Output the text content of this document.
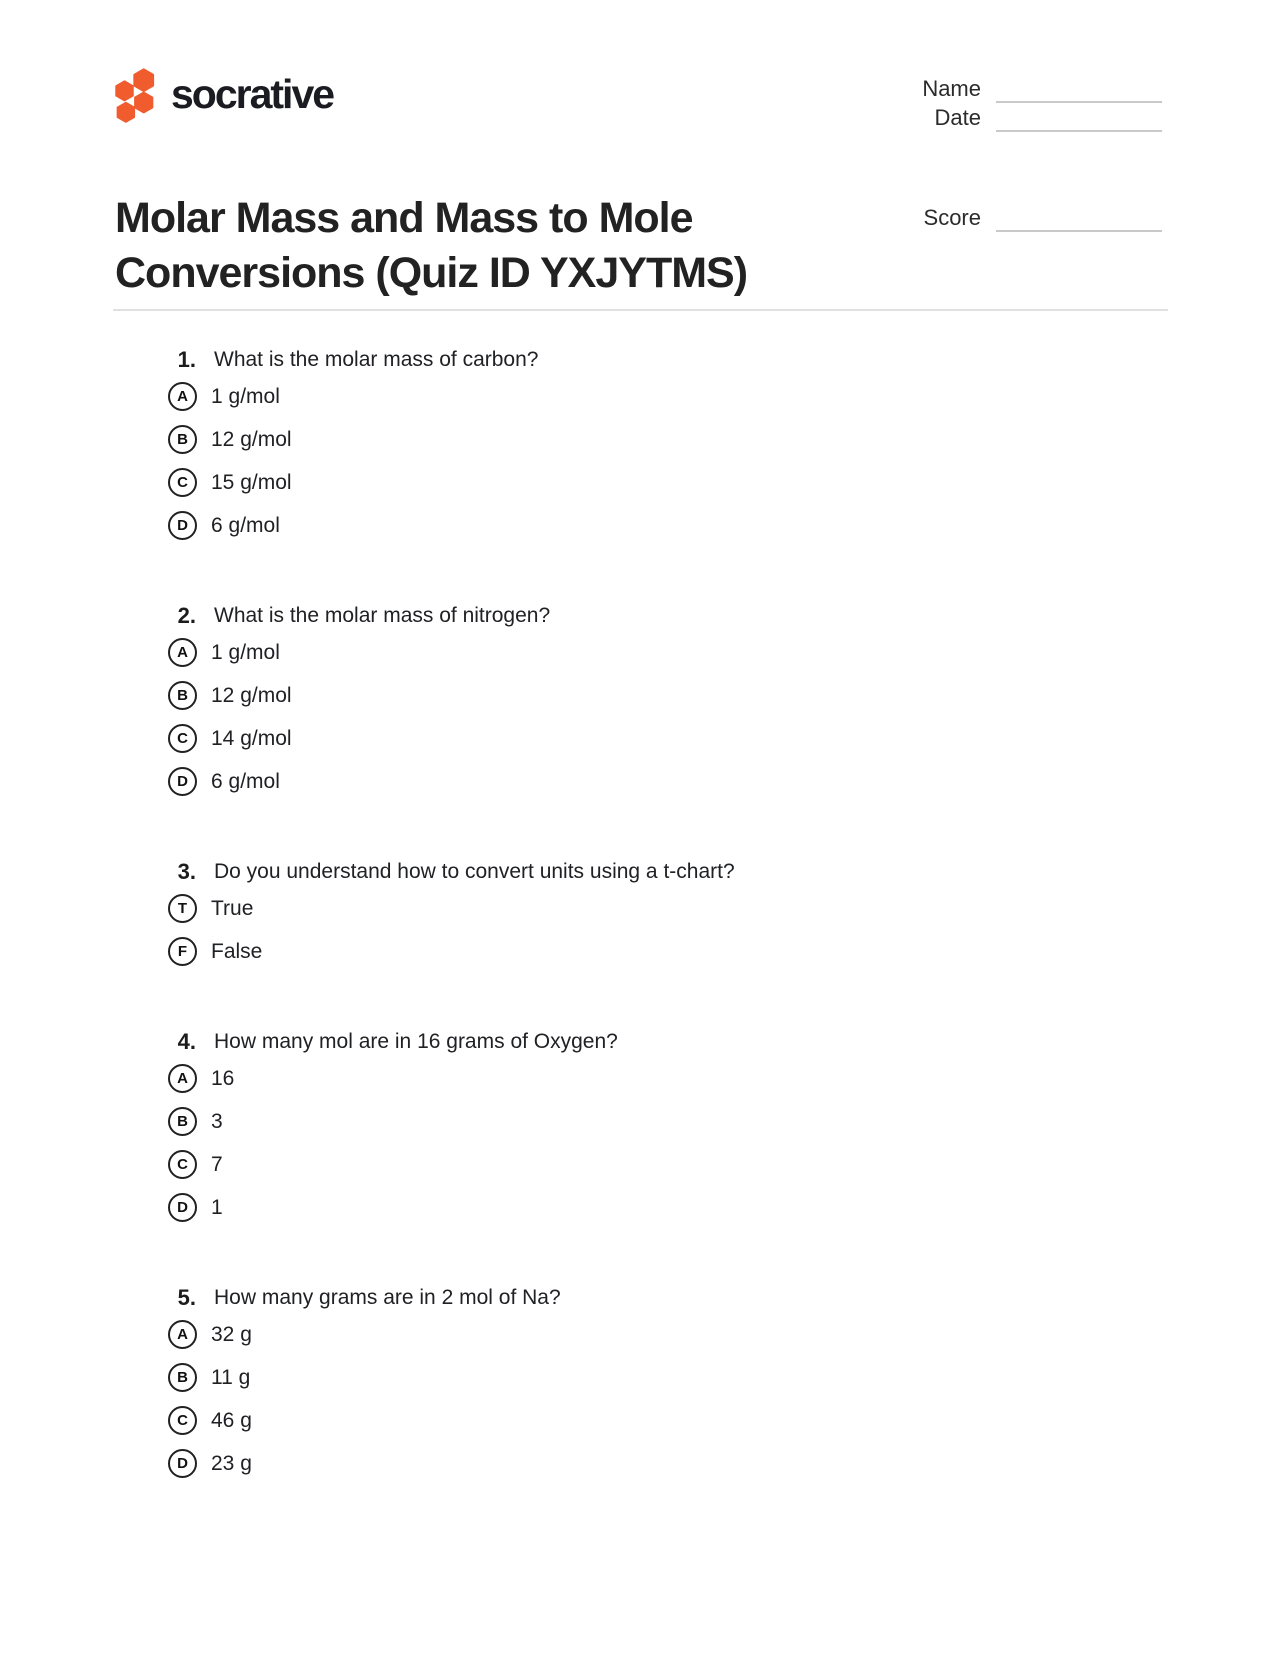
socrative	Name
Date
Score
Molar Mass and Mass to Mole Conversions (Quiz ID YXJYTMS)
1. What is the molar mass of carbon?
A 1 g/mol
B 12 g/mol
C 15 g/mol
D 6 g/mol
2. What is the molar mass of nitrogen?
A 1 g/mol
B 12 g/mol
C 14 g/mol
D 6 g/mol
3. Do you understand how to convert units using a t-chart?
T True
F False
4. How many mol are in 16 grams of Oxygen?
A 16
B 3
C 7
D 1
5. How many grams are in 2 mol of Na?
A 32 g
B 11 g
C 46 g
D 23 g
